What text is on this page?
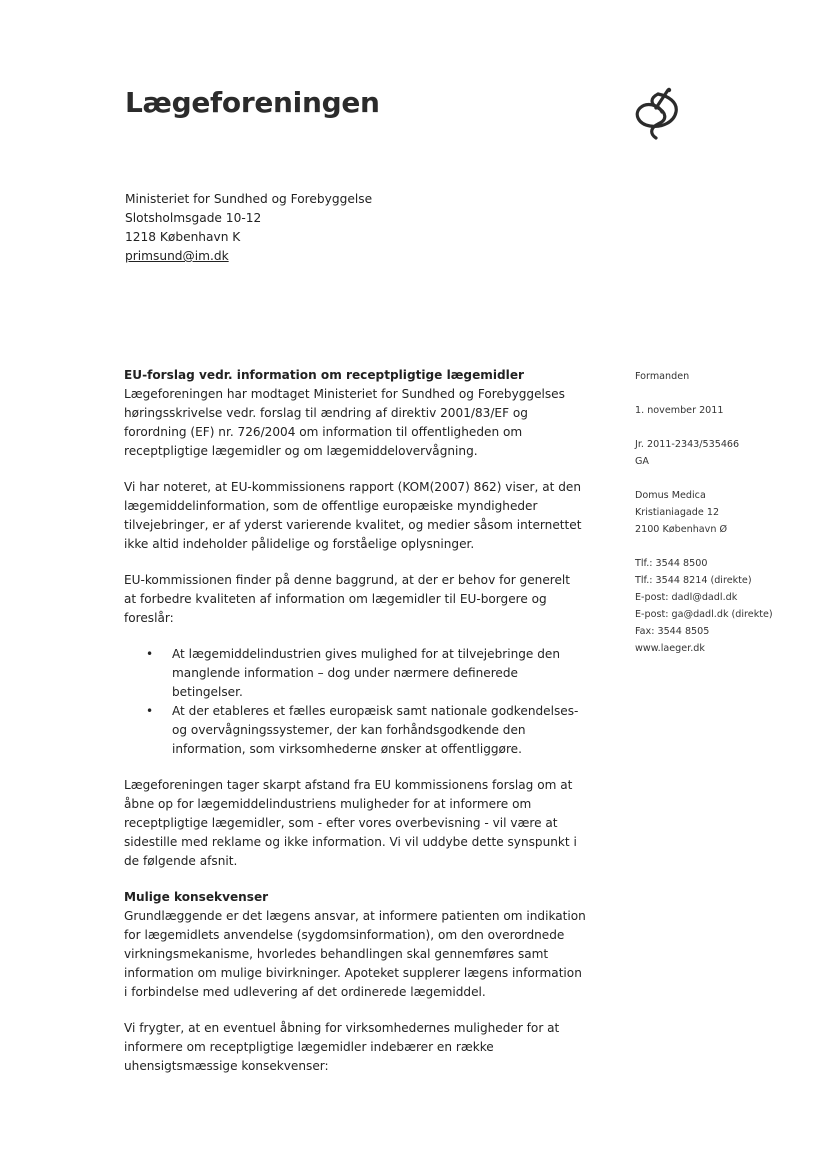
Lægeforeningen
Ministeriet for Sundhed og Forebyggelse
Slotsholmsgade 10-12
1218 København K
primsund@im.dk

EU-forslag vedr. information om receptpligtige lægemidler

Lægeforeningen har modtaget Ministeriet for Sundhed og Forebyggelses høringsskrivelse vedr. forslag til ændring af direktiv 2001/83/EF og forordning (EF) nr. 726/2004 om information til offentligheden om receptpligtige lægemidler og om lægemiddelovervågning.

Vi har noteret, at EU-kommissionens rapport (KOM(2007) 862) viser, at den lægemiddelinformation, som de offentlige europæiske myndigheder tilvejebringer, er af yderst varierende kvalitet, og medier såsom internettet ikke altid indeholder pålidelige og forståelige oplysninger.

EU-kommissionen finder på denne baggrund, at der er behov for generelt at forbedre kvaliteten af information om lægemidler til EU-borgere og foreslår:

• At lægemiddelindustrien gives mulighed for at tilvejebringe den manglende information – dog under nærmere definerede betingelser.
• At der etableres et fælles europæisk samt nationale godkendelses- og overvågningssystemer, der kan forhåndsgodkende den information, som virksomhederne ønsker at offentliggøre.

Lægeforeningen tager skarpt afstand fra EU kommissionens forslag om at åbne op for lægemiddelindustriens muligheder for at informere om receptpligtige lægemidler, som - efter vores overbevisning - vil være at sidestille med reklame og ikke information. Vi vil uddybe dette synspunkt i de følgende afsnit.

Mulige konsekvenser

Grundlæggende er det lægens ansvar, at informere patienten om indikation for lægemidlets anvendelse (sygdomsinformation), om den overordnede virkningsmekanisme, hvorledes behandlingen skal gennemføres samt information om mulige bivirkninger. Apoteket supplerer lægens information i forbindelse med udlevering af det ordinerede lægemiddel.

Vi frygter, at en eventuel åbning for virksomhedernes muligheder for at informere om receptpligtige lægemidler indebærer en række uhensigtsmæssige konsekvenser:

Formanden
1. november 2011
Jr. 2011-2343/535466
GA
Domus Medica
Kristianiagade 12
2100 København Ø
Tlf.: 3544 8500
Tlf.: 3544 8214 (direkte)
E-post: dadl@dadl.dk
E-post: ga@dadl.dk (direkte)
Fax: 3544 8505
www.laeger.dk
